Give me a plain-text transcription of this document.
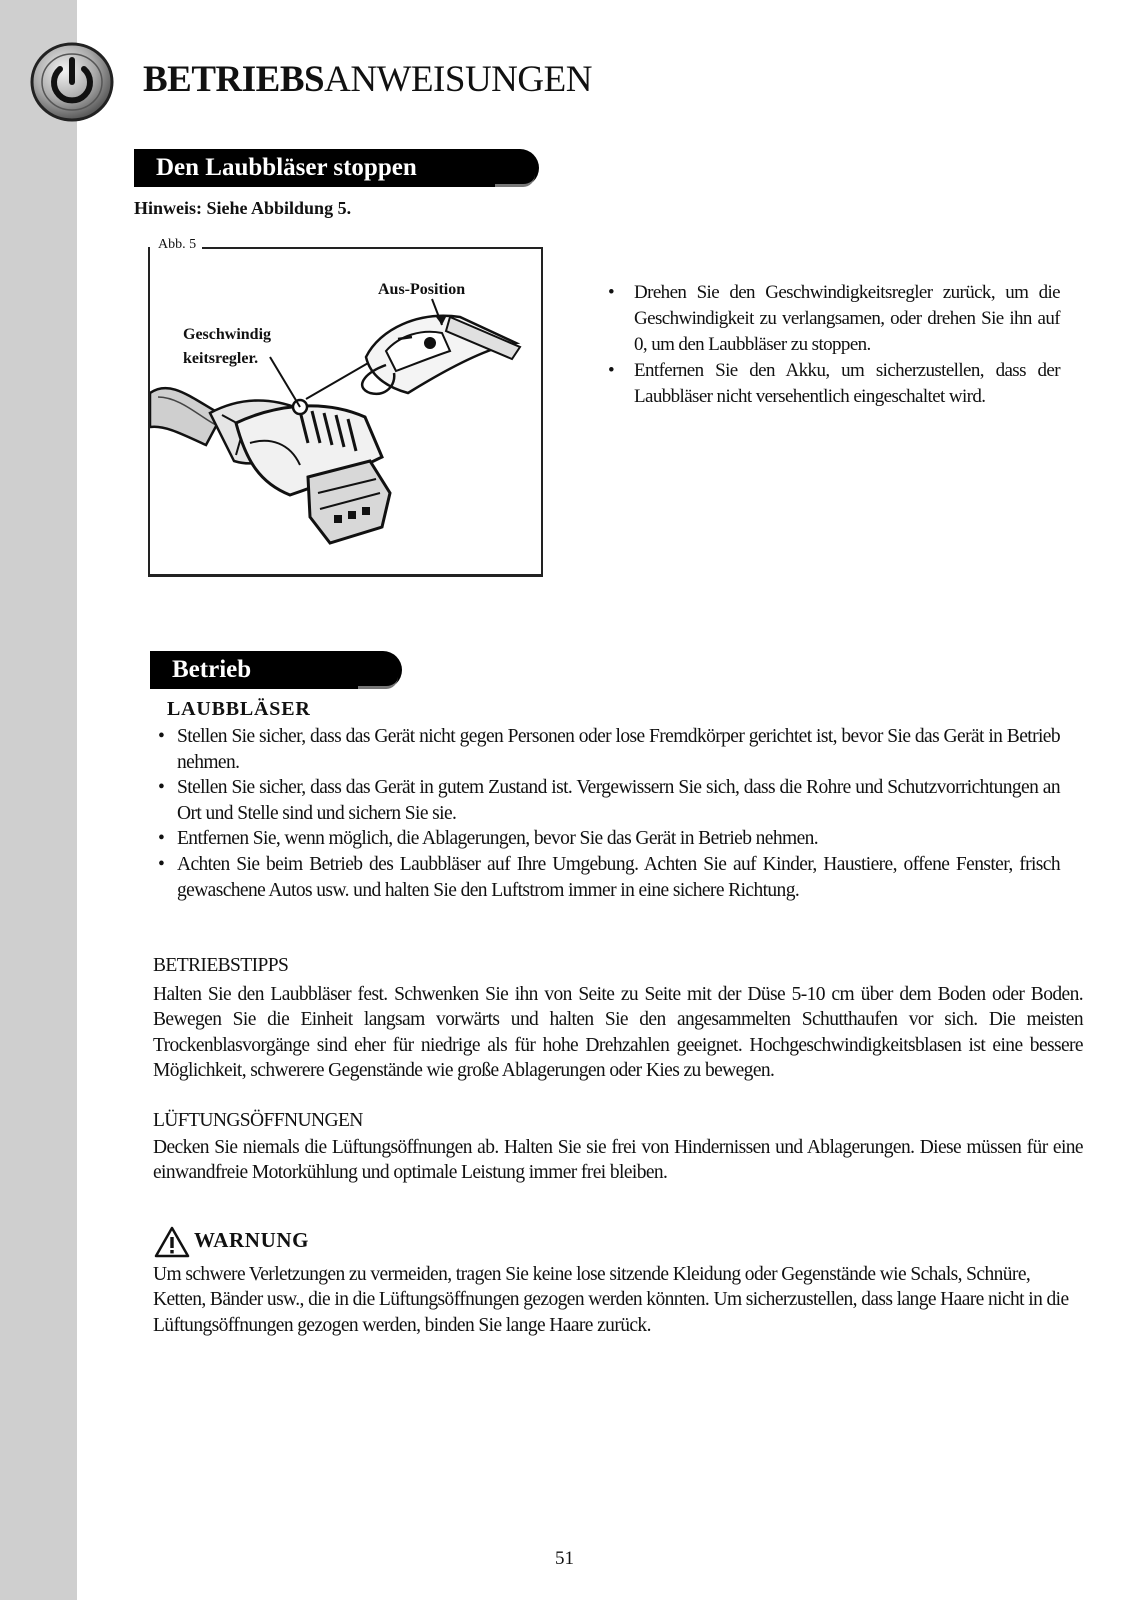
BETRIEBSANWEISUNGEN
Den Laubbläser stoppen
Hinweis: Siehe Abbildung 5.
Abb. 5
Aus-Position
Geschwindig keitsregler.
• Drehen Sie den Geschwindigkeitsregler zurück, um die Geschwindigkeit zu verlangsamen, oder drehen Sie ihn auf 0, um den Laubbläser zu stoppen.
• Entfernen Sie den Akku, um sicherzustellen, dass der Laubbläser nicht versehentlich eingeschaltet wird.
Betrieb
LAUBBLÄSER
• Stellen Sie sicher, dass das Gerät nicht gegen Personen oder lose Fremdkörper gerichtet ist, bevor Sie das Gerät in Betrieb nehmen.
• Stellen Sie sicher, dass das Gerät in gutem Zustand ist. Vergewissern Sie sich, dass die Rohre und Schutzvorrichtungen an Ort und Stelle sind und sichern Sie sie.
• Entfernen Sie, wenn möglich, die Ablagerungen, bevor Sie das Gerät in Betrieb nehmen.
• Achten Sie beim Betrieb des Laubbläser auf Ihre Umgebung. Achten Sie auf Kinder, Haustiere, offene Fenster, frisch gewaschene Autos usw. und halten Sie den Luftstrom immer in eine sichere Richtung.
BETRIEBSTIPPS
Halten Sie den Laubbläser fest. Schwenken Sie ihn von Seite zu Seite mit der Düse 5-10 cm über dem Boden oder Boden. Bewegen Sie die Einheit langsam vorwärts und halten Sie den angesammelten Schutthaufen vor sich. Die meisten Trockenblasvorgänge sind eher für niedrige als für hohe Drehzahlen geeignet. Hochgeschwindigkeitsblasen ist eine bessere Möglichkeit, schwerere Gegenstände wie große Ablagerungen oder Kies zu bewegen.
LÜFTUNGSÖFFNUNGEN
Decken Sie niemals die Lüftungsöffnungen ab. Halten Sie sie frei von Hindernissen und Ablagerungen. Diese müssen für eine einwandfreie Motorkühlung und optimale Leistung immer frei bleiben.
WARNUNG
Um schwere Verletzungen zu vermeiden, tragen Sie keine lose sitzende Kleidung oder Gegenstände wie Schals, Schnüre, Ketten, Bänder usw., die in die Lüftungsöffnungen gezogen werden könnten. Um sicherzustellen, dass lange Haare nicht in die Lüftungsöffnungen gezogen werden, binden Sie lange Haare zurück.
51
